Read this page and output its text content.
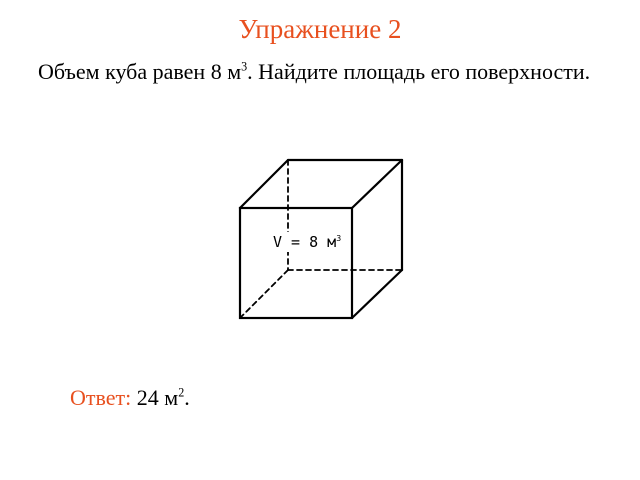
Упражнение 2
Объем куба равен 8 $м^3$. Найдите площадь его поверхности.
V = 8 $м^3$
Ответ: 24 $м^2$.
